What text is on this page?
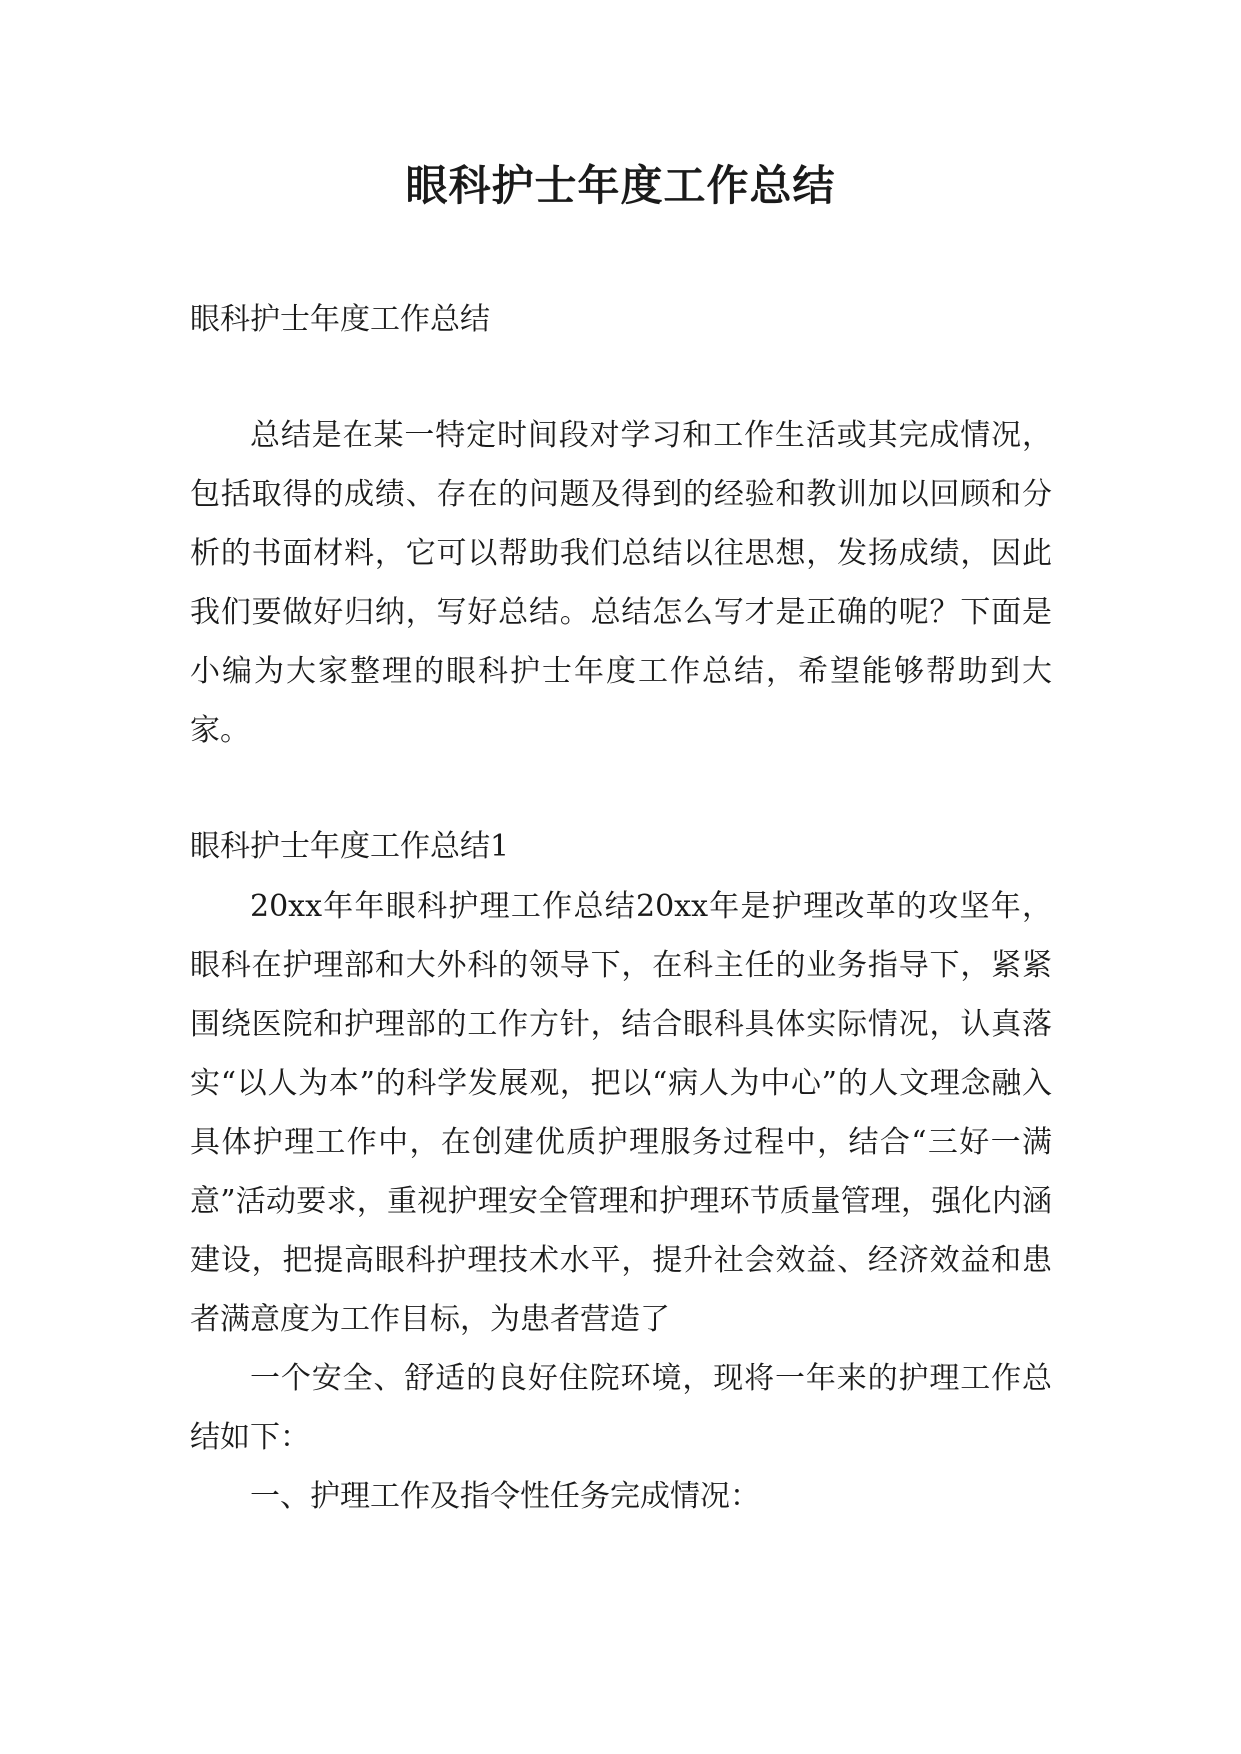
眼科护士年度工作总结

眼科护士年度工作总结

总结是在某一特定时间段对学习和工作生活或其完成情况，包括取得的成绩、存在的问题及得到的经验和教训加以回顾和分析的书面材料，它可以帮助我们总结以往思想，发扬成绩，因此我们要做好归纳，写好总结。总结怎么写才是正确的呢？下面是小编为大家整理的眼科护士年度工作总结，希望能够帮助到大家。

眼科护士年度工作总结1

20xx年年眼科护理工作总结20xx年是护理改革的攻坚年，眼科在护理部和大外科的领导下，在科主任的业务指导下，紧紧围绕医院和护理部的工作方针，结合眼科具体实际情况，认真落实“以人为本”的科学发展观，把以“病人为中心”的人文理念融入具体护理工作中，在创建优质护理服务过程中，结合“三好一满意”活动要求，重视护理安全管理和护理环节质量管理，强化内涵建设，把提高眼科护理技术水平，提升社会效益、经济效益和患者满意度为工作目标，为患者营造了

一个安全、舒适的良好住院环境，现将一年来的护理工作总结如下：

一、护理工作及指令性任务完成情况：
